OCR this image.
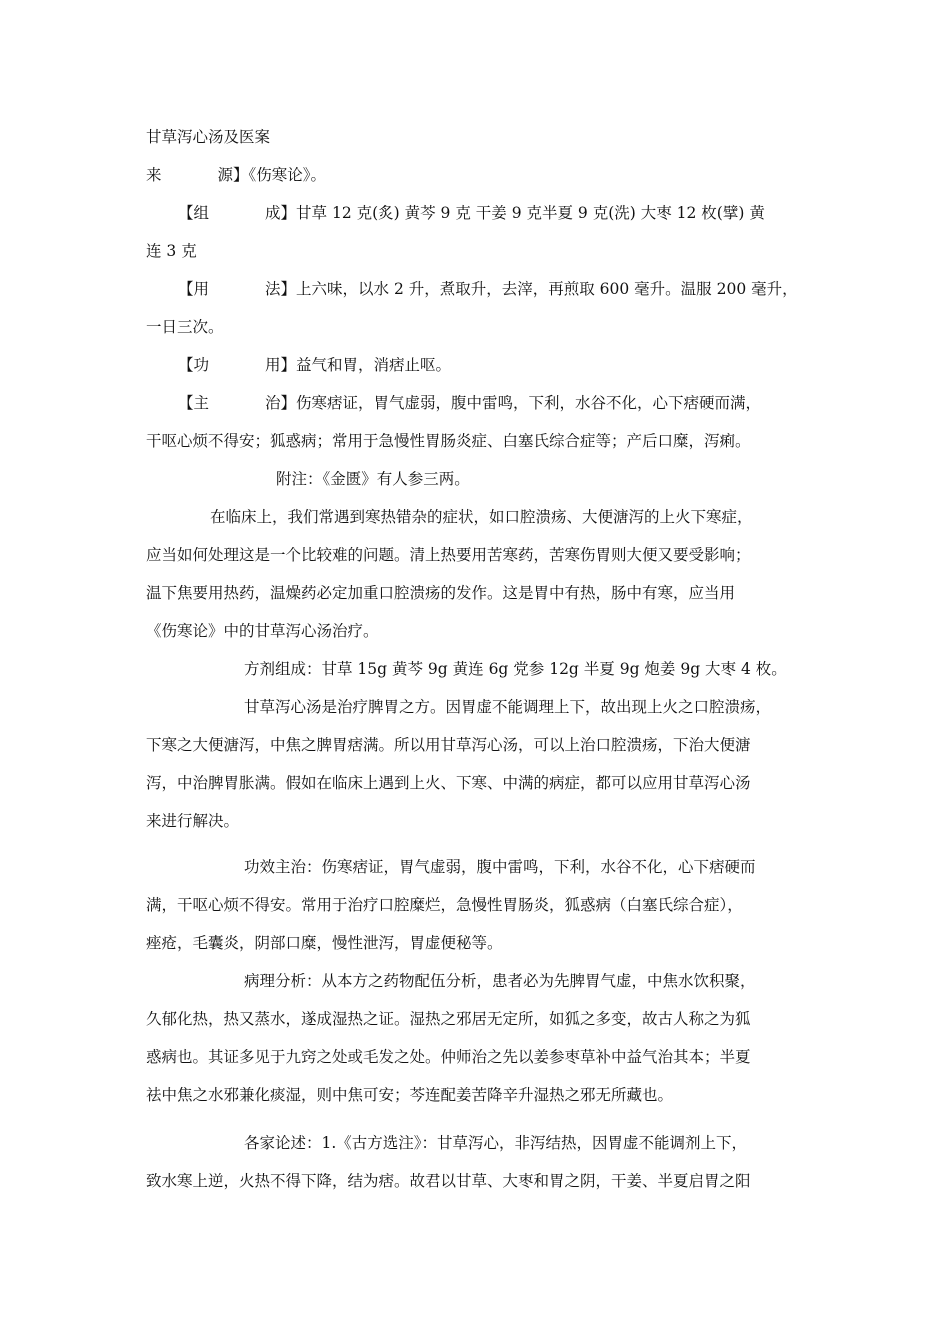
甘草泻心汤及医案
来	源】《伤寒论》。
【组	成】甘草 12 克(炙) 黄芩 9 克 干姜 9 克半夏 9 克(洗) 大枣 12 枚(擘) 黄
连 3 克
【用	法】上六味，以水 2 升，煮取升，去滓，再煎取 600 毫升。温服 200 毫升，
一日三次。
【功	用】益气和胃，消痞止呕。
【主	治】伤寒痞证，胃气虚弱，腹中雷鸣，下利，水谷不化，心下痞硬而满，
干呕心烦不得安；狐惑病；常用于急慢性胃肠炎症、白塞氏综合症等；产后口糜，泻痢。
附注：《金匮》有人参三两。
在临床上，我们常遇到寒热错杂的症状，如口腔溃疡、大便溏泻的上火下寒症，
应当如何处理这是一个比较难的问题。清上热要用苦寒药，苦寒伤胃则大便又要受影响；
温下焦要用热药，温燥药必定加重口腔溃疡的发作。这是胃中有热，肠中有寒，应当用
《伤寒论》中的甘草泻心汤治疗。
方剂组成：甘草 15g 黄芩 9g 黄连 6g 党参 12g 半夏 9g 炮姜 9g 大枣 4 枚。
甘草泻心汤是治疗脾胃之方。因胃虚不能调理上下，故出现上火之口腔溃疡，
下寒之大便溏泻，中焦之脾胃痞满。所以用甘草泻心汤，可以上治口腔溃疡，下治大便溏
泻，中治脾胃胀满。假如在临床上遇到上火、下寒、中满的病症，都可以应用甘草泻心汤
来进行解决。
功效主治：伤寒痞证，胃气虚弱，腹中雷鸣，下利，水谷不化，心下痞硬而
满，干呕心烦不得安。常用于治疗口腔糜烂，急慢性胃肠炎，狐惑病（白塞氏综合症），
痤疮，毛囊炎，阴部口糜，慢性泄泻，胃虚便秘等。
病理分析：从本方之药物配伍分析，患者必为先脾胃气虚，中焦水饮积聚，
久郁化热，热又蒸水，遂成湿热之证。湿热之邪居无定所，如狐之多变，故古人称之为狐
惑病也。其证多见于九窍之处或毛发之处。仲师治之先以姜参枣草补中益气治其本；半夏
祛中焦之水邪兼化痰湿，则中焦可安；芩连配姜苦降辛升湿热之邪无所藏也。
各家论述：1.《古方选注》：甘草泻心，非泻结热，因胃虚不能调剂上下，
致水寒上逆，火热不得下降，结为痞。故君以甘草、大枣和胃之阴，干姜、半夏启胃之阳
